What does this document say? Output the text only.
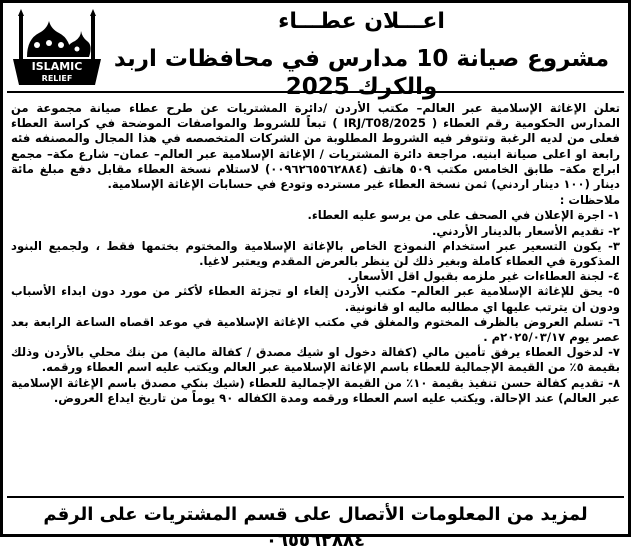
ISLAMIC
RELIEF
اعـــلان عطـــاء
مشروع صيانة 10 مدارس في محافظات اربد والكرك 2025

تعلن الإغاثة الإسلامية عبر العالم– مكتب الأردن /دائرة المشتريات عن طرح عطاء صيانة مجموعة من المدارس الحكومية رقم العطاء ( IRJ/T08/2025 ) تبعاً للشروط والمواصفات الموضحة في كراسة العطاء فعلى من لديه الرغبة وتتوفر فيه الشروط المطلوبة من الشركات المتخصصه في هذا المجال والمصنفه فئه رابعة او اعلى صيانة ابنيه. مراجعة دائرة المشتريات / الإغاثة الإسلامية عبر العالم– عمان– شارع مكة– مجمع ابراج مكة– طابق الخامس مكتب ٥٠٩ هاتف (٠٠٩٦٢٦٥٥٦٢٨٨٤) لاستلام نسخة العطاء مقابل دفع مبلغ مائة دينار (١٠٠ دينار اردني) ثمن نسخة العطاء غير مسترده وتودع في حسابات الإغاثة الإسلامية.

ملاحظات :

١- اجرة الإعلان في الصحف على من يرسو عليه العطاء.

٢- تقديم الأسعار بالدينار الأردني.

٣- يكون التسعير عبر استخدام النموذج الخاص بالإغاثة الإسلامية والمختوم بختمها فقط ، ولجميع البنود المذكورة في العطاء كاملة وبغير ذلك لن ينظر بالعرض المقدم ويعتبر لاغيا.

٤- لجنة العطاءات غير ملزمه بقبول اقل الأسعار.

٥- يحق للإغاثة الإسلامية عبر العالم– مكتب الأردن إلغاء او تجزئة العطاء لأكثر من مورد دون ابداء الأسباب ودون ان يترتب عليها اي مطالبه ماليه او قانونية.

٦- تسلم العروض بالظرف المختوم والمغلق في مكتب الإغاثة الإسلامية في موعد اقصاه الساعة الرابعة بعد عصر يوم ٢٠٢٥/٠٣/١٧م .

٧- لدخول العطاء يرفق تأمين مالي (كفالة دخول او شيك مصدق / كفالة مالية) من بنك محلي بالأردن وذلك بقيمة ٥٪ من القيمة الإجمالية للعطاء باسم الإغاثة الإسلامية عبر العالم ويكتب عليه اسم العطاء ورقمه.

٨- تقديم كفالة حسن تنفيذ بقيمة ١٠٪ من القيمة الإجمالية للعطاء (شيك بنكي مصدق باسم الإغاثة الإسلامية عبر العالم) عند الإحالة. ويكتب عليه اسم العطاء ورقمه ومدة الكفاله ٩٠ يوماً من تاريخ ايداع العروض.

لمزيد من المعلومات الأتصال على قسم المشتريات على الرقم ٠٦٥٥٦٢٨٨٤
